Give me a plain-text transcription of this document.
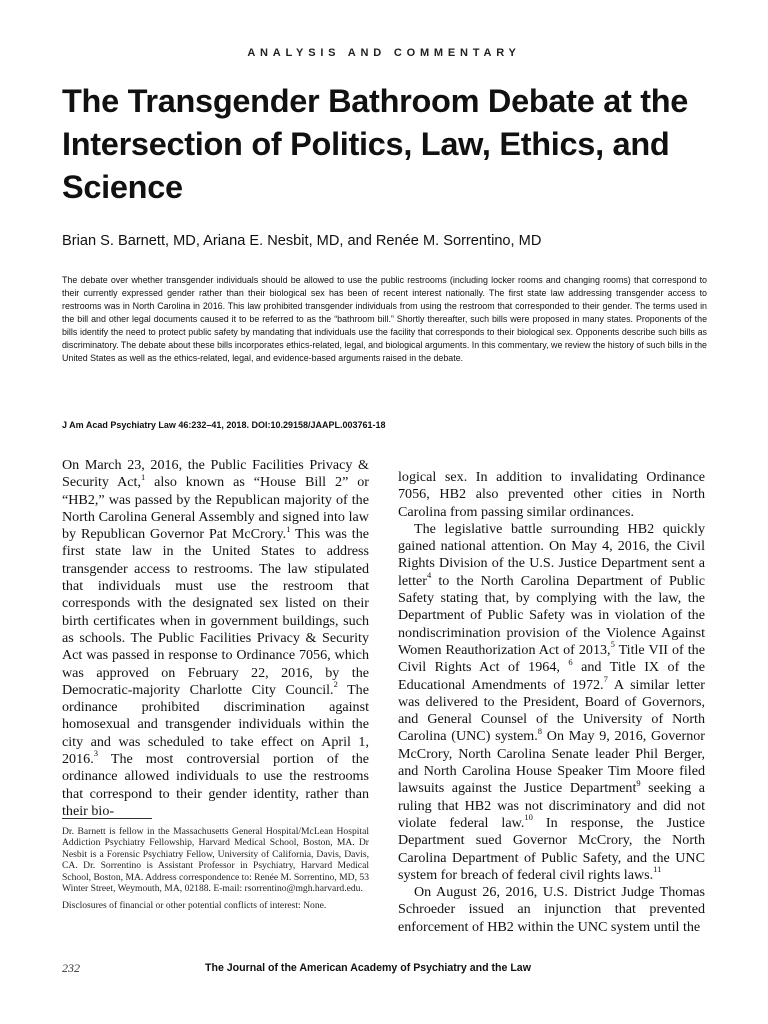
ANALYSIS AND COMMENTARY
The Transgender Bathroom Debate at the Intersection of Politics, Law, Ethics, and Science
Brian S. Barnett, MD, Ariana E. Nesbit, MD, and Renée M. Sorrentino, MD

The debate over whether transgender individuals should be allowed to use the public restrooms (including locker rooms and changing rooms) that correspond to their currently expressed gender rather than their biological sex has been of recent interest nationally. The first state law addressing transgender access to restrooms was in North Carolina in 2016. This law prohibited transgender individuals from using the restroom that corresponded to their gender. The terms used in the bill and other legal documents caused it to be referred to as the “bathroom bill.” Shortly thereafter, such bills were proposed in many states. Proponents of the bills identify the need to protect public safety by mandating that individuals use the facility that corresponds to their biological sex. Opponents describe such bills as discriminatory. The debate about these bills incorporates ethics-related, legal, and biological arguments. In this commentary, we review the history of such bills in the United States as well as the ethics-related, legal, and evidence-based arguments raised in the debate.

J Am Acad Psychiatry Law 46:232–41, 2018. DOI:10.29158/JAAPL.003761-18

On March 23, 2016, the Public Facilities Privacy & Security Act,$^1$ also known as “House Bill 2” or “HB2,” was passed by the Republican majority of the North Carolina General Assembly and signed into law by Republican Governor Pat McCrory.$^1$ This was the first state law in the United States to address transgender access to restrooms. The law stipulated that individuals must use the restroom that corresponds with the designated sex listed on their birth certificates when in government buildings, such as schools. The Public Facilities Privacy & Security Act was passed in response to Ordinance 7056, which was approved on February 22, 2016, by the Democratic-majority Charlotte City Council.$^2$ The ordinance prohibited discrimination against homosexual and transgender individuals within the city and was scheduled to take effect on April 1, 2016.$^3$ The most controversial portion of the ordinance allowed individuals to use the restrooms that correspond to their gender identity, rather than their bio-

logical sex. In addition to invalidating Ordinance 7056, HB2 also prevented other cities in North Carolina from passing similar ordinances.

The legislative battle surrounding HB2 quickly gained national attention. On May 4, 2016, the Civil Rights Division of the U.S. Justice Department sent a letter$^4$ to the North Carolina Department of Public Safety stating that, by complying with the law, the Department of Public Safety was in violation of the nondiscrimination provision of the Violence Against Women Reauthorization Act of 2013,$^5$ Title VII of the Civil Rights Act of 1964, $^6$ and Title IX of the Educational Amendments of 1972.$^7$ A similar letter was delivered to the President, Board of Governors, and General Counsel of the University of North Carolina (UNC) system.$^8$ On May 9, 2016, Governor McCrory, North Carolina Senate leader Phil Berger, and North Carolina House Speaker Tim Moore filed lawsuits against the Justice Department$^9$ seeking a ruling that HB2 was not discriminatory and did not violate federal law.$^{10}$ In response, the Justice Department sued Governor McCrory, the North Carolina Department of Public Safety, and the UNC system for breach of federal civil rights laws.$^{11}$

On August 26, 2016, U.S. District Judge Thomas Schroeder issued an injunction that prevented enforcement of HB2 within the UNC system until the

Dr. Barnett is fellow in the Massachusetts General Hospital/McLean Hospital Addiction Psychiatry Fellowship, Harvard Medical School, Boston, MA. Dr Nesbit is a Forensic Psychiatry Fellow, University of California, Davis, Davis, CA. Dr. Sorrentino is Assistant Professor in Psychiatry, Harvard Medical School, Boston, MA. Address correspondence to: Renée M. Sorrentino, MD, 53 Winter Street, Weymouth, MA, 02188. E-mail: rsorrentino@mgh.harvard.edu.

Disclosures of financial or other potential conflicts of interest: None.

232	The Journal of the American Academy of Psychiatry and the Law
